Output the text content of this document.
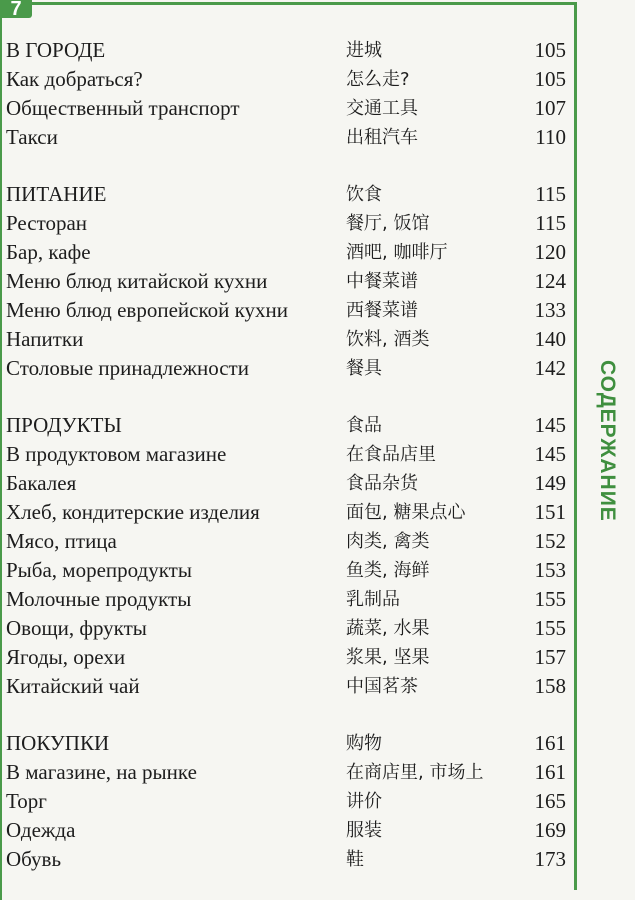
7
СОДЕРЖАНИЕ
В ГОРОДЕ	进城	105
Как добраться?	怎么走?	105
Общественный транспорт	交通工具	107
Такси	出租汽车	110
ПИТАНИЕ	饮食	115
Ресторан	餐厅, 饭馆	115
Бар, кафе	酒吧, 咖啡厅	120
Меню блюд китайской кухни	中餐菜谱	124
Меню блюд европейской кухни	西餐菜谱	133
Напитки	饮料, 酒类	140
Столовые принадлежности	餐具	142
ПРОДУКТЫ	食品	145
В продуктовом магазине	在食品店里	145
Бакалея	食品杂货	149
Хлеб, кондитерские изделия	面包, 糖果点心	151
Мясо, птица	肉类, 禽类	152
Рыба, морепродукты	鱼类, 海鲜	153
Молочные продукты	乳制品	155
Овощи, фрукты	蔬菜, 水果	155
Ягоды, орехи	浆果, 坚果	157
Китайский чай	中国茗茶	158
ПОКУПКИ	购物	161
В магазине, на рынке	在商店里, 市场上 161
Торг	讲价	165
Одежда	服装	169
Обувь	鞋	173
